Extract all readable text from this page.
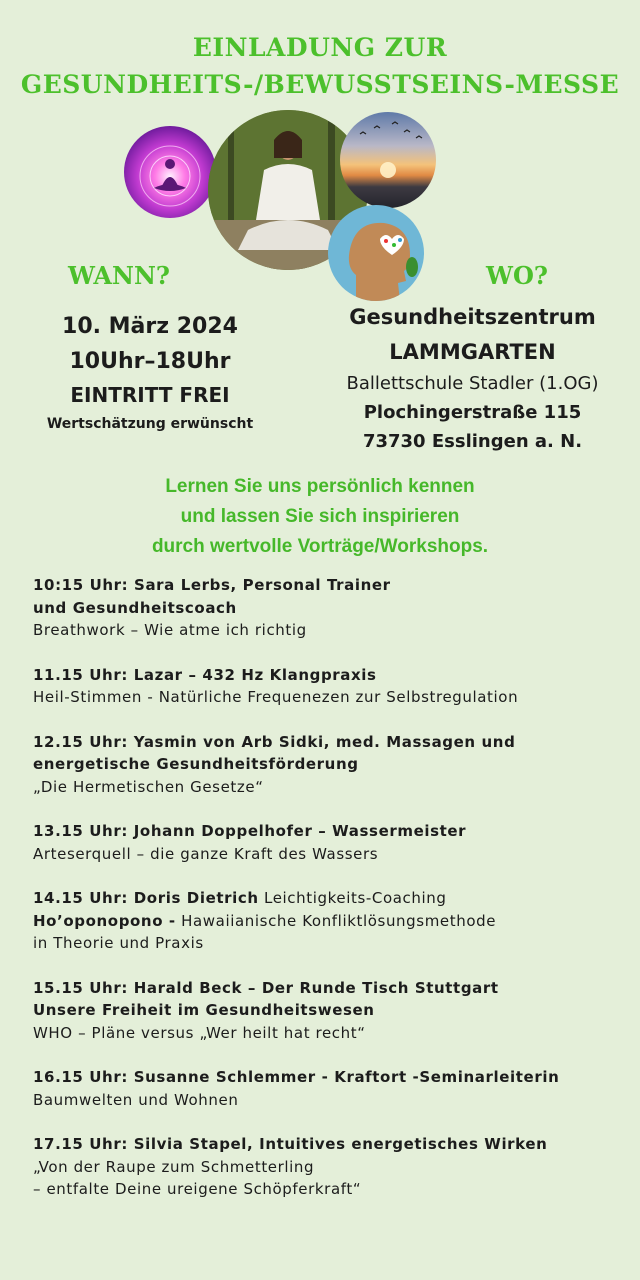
EINLADUNG ZUR
GESUNDHEITS-/BEWUSSTSEINS-MESSE
WANN?	WO?
10. März 2024
10Uhr–18Uhr
EINTRITT FREI
Wertschätzung erwünscht
Gesundheitszentrum
LAMMGARTEN
Ballettschule Stadler (1.OG)
Plochingerstraße 115
73730 Esslingen a. N.
Lernen Sie uns persönlich kennen
und lassen Sie sich inspirieren
durch wertvolle Vorträge/Workshops.
10:15 Uhr: Sara Lerbs, Personal Trainer
und Gesundheitscoach
Breathwork – Wie atme ich richtig
11.15 Uhr: Lazar – 432 Hz Klangpraxis
Heil-Stimmen - Natürliche Frequenezen zur Selbstregulation
12.15 Uhr: Yasmin von Arb Sidki, med. Massagen und
energetische Gesundheitsförderung
„Die Hermetischen Gesetze“
13.15 Uhr: Johann Doppelhofer – Wassermeister
Arteserquell – die ganze Kraft des Wassers
14.15 Uhr: Doris Dietrich Leichtigkeits-Coaching
Ho’oponopono - Hawaiianische Konfliktlösungsmethode
in Theorie und Praxis
15.15 Uhr: Harald Beck – Der Runde Tisch Stuttgart
Unsere Freiheit im Gesundheitswesen
WHO – Pläne versus „Wer heilt hat recht“
16.15 Uhr: Susanne Schlemmer - Kraftort -Seminarleiterin
Baumwelten und Wohnen
17.15 Uhr: Silvia Stapel, Intuitives energetisches Wirken
„Von der Raupe zum Schmetterling
– entfalte Deine ureigene Schöpferkraft“
